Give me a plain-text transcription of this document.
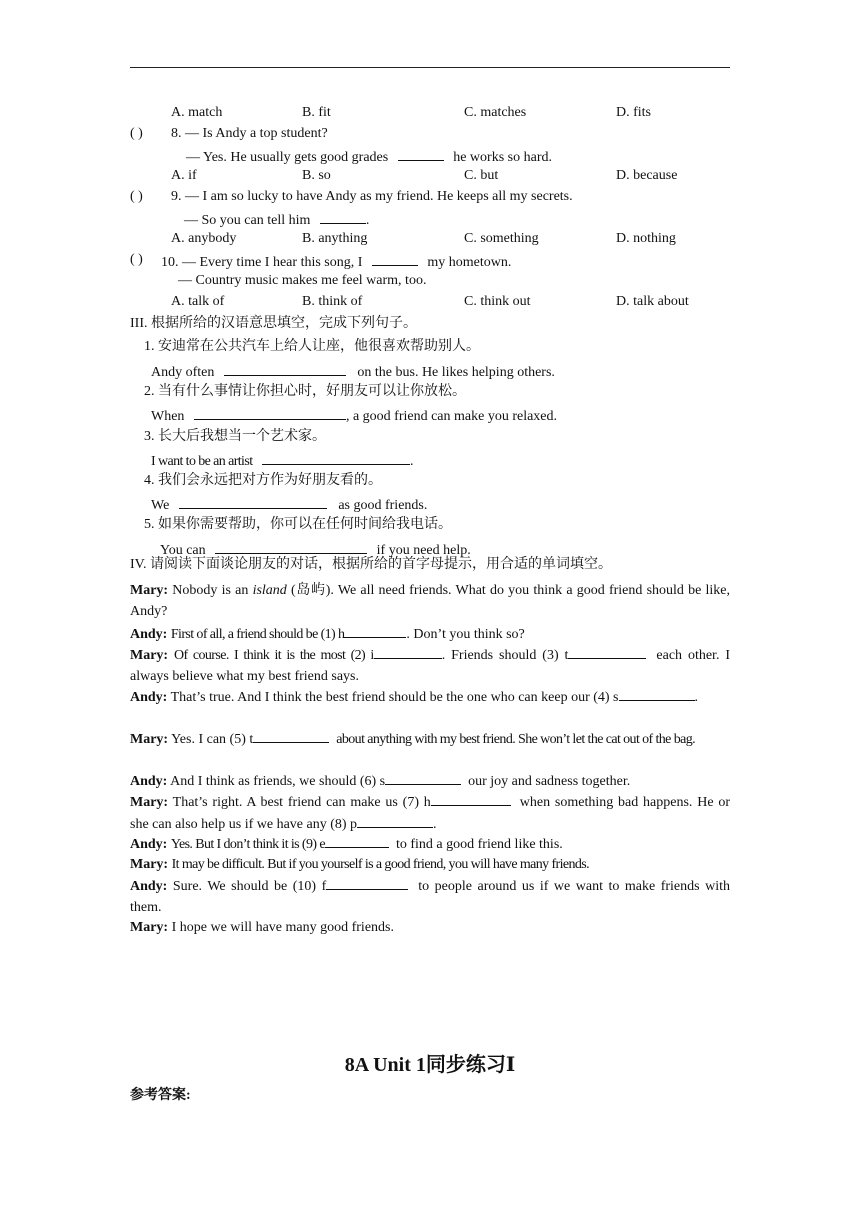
A. match	B. fit	C. matches	D. fits
( ) 8. — Is Andy a top student?
— Yes. He usually gets good grades	he works so hard.
A. if	B. so	C. but	D. because
( ) 9. — I am so lucky to have Andy as my friend. He keeps all my secrets.
— So you can tell him	.
A. anybody	B. anything	C. something	D. nothing
( ) 10. — Every time I hear this song, I	my hometown.
— Country music makes me feel warm, too.
A. talk of	B. think of	C. think out	D. talk about
III. 根据所给的汉语意思填空，完成下列句子。
1. 安迪常在公共汽车上给人让座，他很喜欢帮助别人。
Andy often	on the bus. He likes helping others.
2. 当有什么事情让你担心时，好朋友可以让你放松。
When	, a good friend can make you relaxed.
3. 长大后我想当一个艺术家。
I want to be an artist	.
4. 我们会永远把对方作为好朋友看的。
We	as good friends.
5. 如果你需要帮助，你可以在任何时间给我电话。
You can	if you need help.
IV. 请阅读下面谈论朋友的对话，根据所给的首字母提示，用合适的单词填空。

Mary: Nobody is an island (岛屿). We all need friends. What do you think a good friend should be like, Andy?

Andy: First of all, a friend should be (1) h	. Don’t you think so?

Mary: Of course. I think it is the most (2) i	. Friends should (3) t	each other. I always believe what my best friend says.

Andy: That’s true. And I think the best friend should be the one who can keep our (4) s	.

Mary: Yes. I can (5) t	about anything with my best friend. She won’t let the cat out of the bag.

Andy: And I think as friends, we should (6) s	our joy and sadness together.

Mary: That’s right. A best friend can make us (7) h	when something bad happens. He or she can also help us if we have any (8) p	.

Andy: Yes. But I don’t think it is (9) e	to find a good friend like this.

Mary: It may be difficult. But if you yourself is a good friend, you will have many friends.

Andy: Sure. We should be (10) f	to people around us if we want to make friends with them.

Mary: I hope we will have many good friends.

8A Unit 1同步练习Ⅰ
参考答案:
